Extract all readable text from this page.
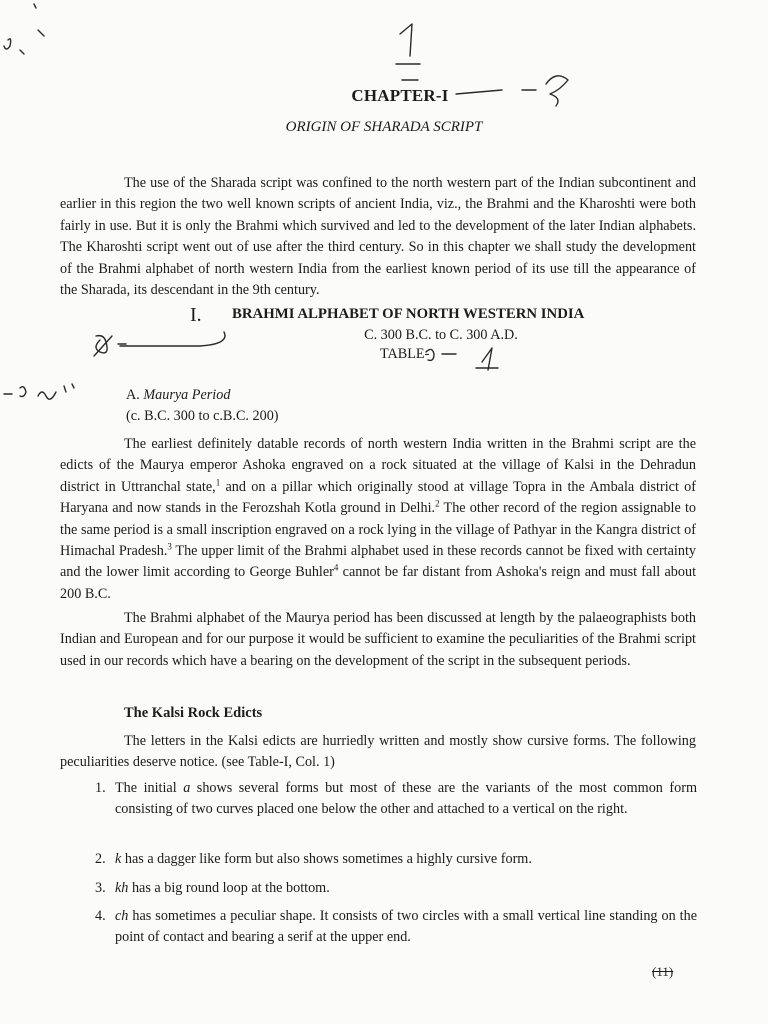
CHAPTER-I
ORIGIN OF SHARADA SCRIPT
The use of the Sharada script was confined to the north western part of the Indian subcontinent and earlier in this region the two well known scripts of ancient India, viz., the Brahmi and the Kharoshti were both fairly in use. But it is only the Brahmi which survived and led to the development of the later Indian alphabets. The Kharoshti script went out of use after the third century. So in this chapter we shall study the development of the Brahmi alphabet of north western India from the earliest known period of its use till the appearance of the Sharada, its descendant in the 9th century.
I. BRAHMI ALPHABET OF NORTH WESTERN INDIA
C. 300 B.C. to C. 300 A.D.
TABLE-
A. Maurya Period
(c. B.C. 300 to c.B.C. 200)
The earliest definitely datable records of north western India written in the Brahmi script are the edicts of the Maurya emperor Ashoka engraved on a rock situated at the village of Kalsi in the Dehradun district in Uttranchal state,$^1$ and on a pillar which originally stood at village Topra in the Ambala district of Haryana and now stands in the Ferozshah Kotla ground in Delhi.$^2$ The other record of the region assignable to the same period is a small inscription engraved on a rock lying in the village of Pathyar in the Kangra district of Himachal Pradesh.$^3$ The upper limit of the Brahmi alphabet used in these records cannot be fixed with certainty and the lower limit according to George Buhler$^4$ cannot be far distant from Ashoka's reign and must fall about 200 B.C.
The Brahmi alphabet of the Maurya period has been discussed at length by the palaeographists both Indian and European and for our purpose it would be sufficient to examine the peculiarities of the Brahmi script used in our records which have a bearing on the development of the script in the subsequent periods.
The Kalsi Rock Edicts
The letters in the Kalsi edicts are hurriedly written and mostly show cursive forms. The following peculiarities deserve notice. (see Table-I, Col. 1)
1. The initial a shows several forms but most of these are the variants of the most common form consisting of two curves placed one below the other and attached to a vertical on the right.
2. k has a dagger like form but also shows sometimes a highly cursive form.
3. kh has a big round loop at the bottom.
4. ch has sometimes a peculiar shape. It consists of two circles with a small vertical line standing on the point of contact and bearing a serif at the upper end.
(11)
